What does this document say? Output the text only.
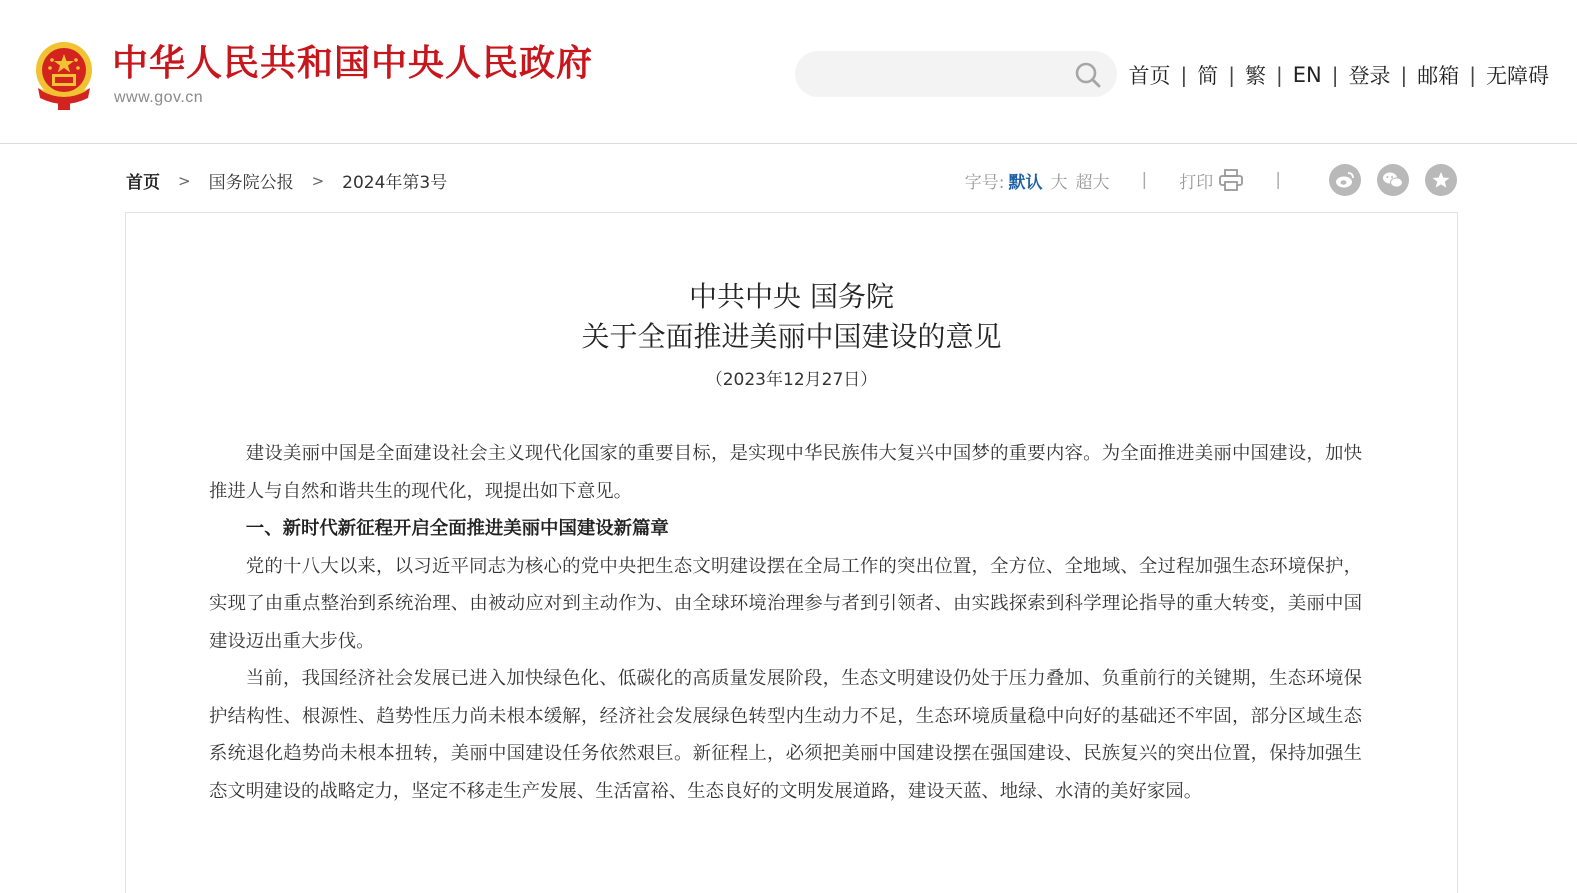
中华人民共和国中央人民政府
www.gov.cn
首页 | 简 | 繁 | EN | 登录 | 邮箱 | 无障碍
首页 > 国务院公报 > 2024年第3号	字号: 默认 大 超大 | 打印	|
中共中央 国务院
关于全面推进美丽中国建设的意见
（2023年12月27日）

建设美丽中国是全面建设社会主义现代化国家的重要目标，是实现中华民族伟大复兴中国梦的重要内容。为全面推进美丽中国建设，加快推进人与自然和谐共生的现代化，现提出如下意见。

一、新时代新征程开启全面推进美丽中国建设新篇章

党的十八大以来，以习近平同志为核心的党中央把生态文明建设摆在全局工作的突出位置，全方位、全地域、全过程加强生态环境保护，实现了由重点整治到系统治理、由被动应对到主动作为、由全球环境治理参与者到引领者、由实践探索到科学理论指导的重大转变，美丽中国建设迈出重大步伐。

当前，我国经济社会发展已进入加快绿色化、低碳化的高质量发展阶段，生态文明建设仍处于压力叠加、负重前行的关键期，生态环境保护结构性、根源性、趋势性压力尚未根本缓解，经济社会发展绿色转型内生动力不足，生态环境质量稳中向好的基础还不牢固，部分区域生态系统退化趋势尚未根本扭转，美丽中国建设任务依然艰巨。新征程上，必须把美丽中国建设摆在强国建设、民族复兴的突出位置，保持加强生态文明建设的战略定力，坚定不移走生产发展、生活富裕、生态良好的文明发展道路，建设天蓝、地绿、水清的美好家园。
